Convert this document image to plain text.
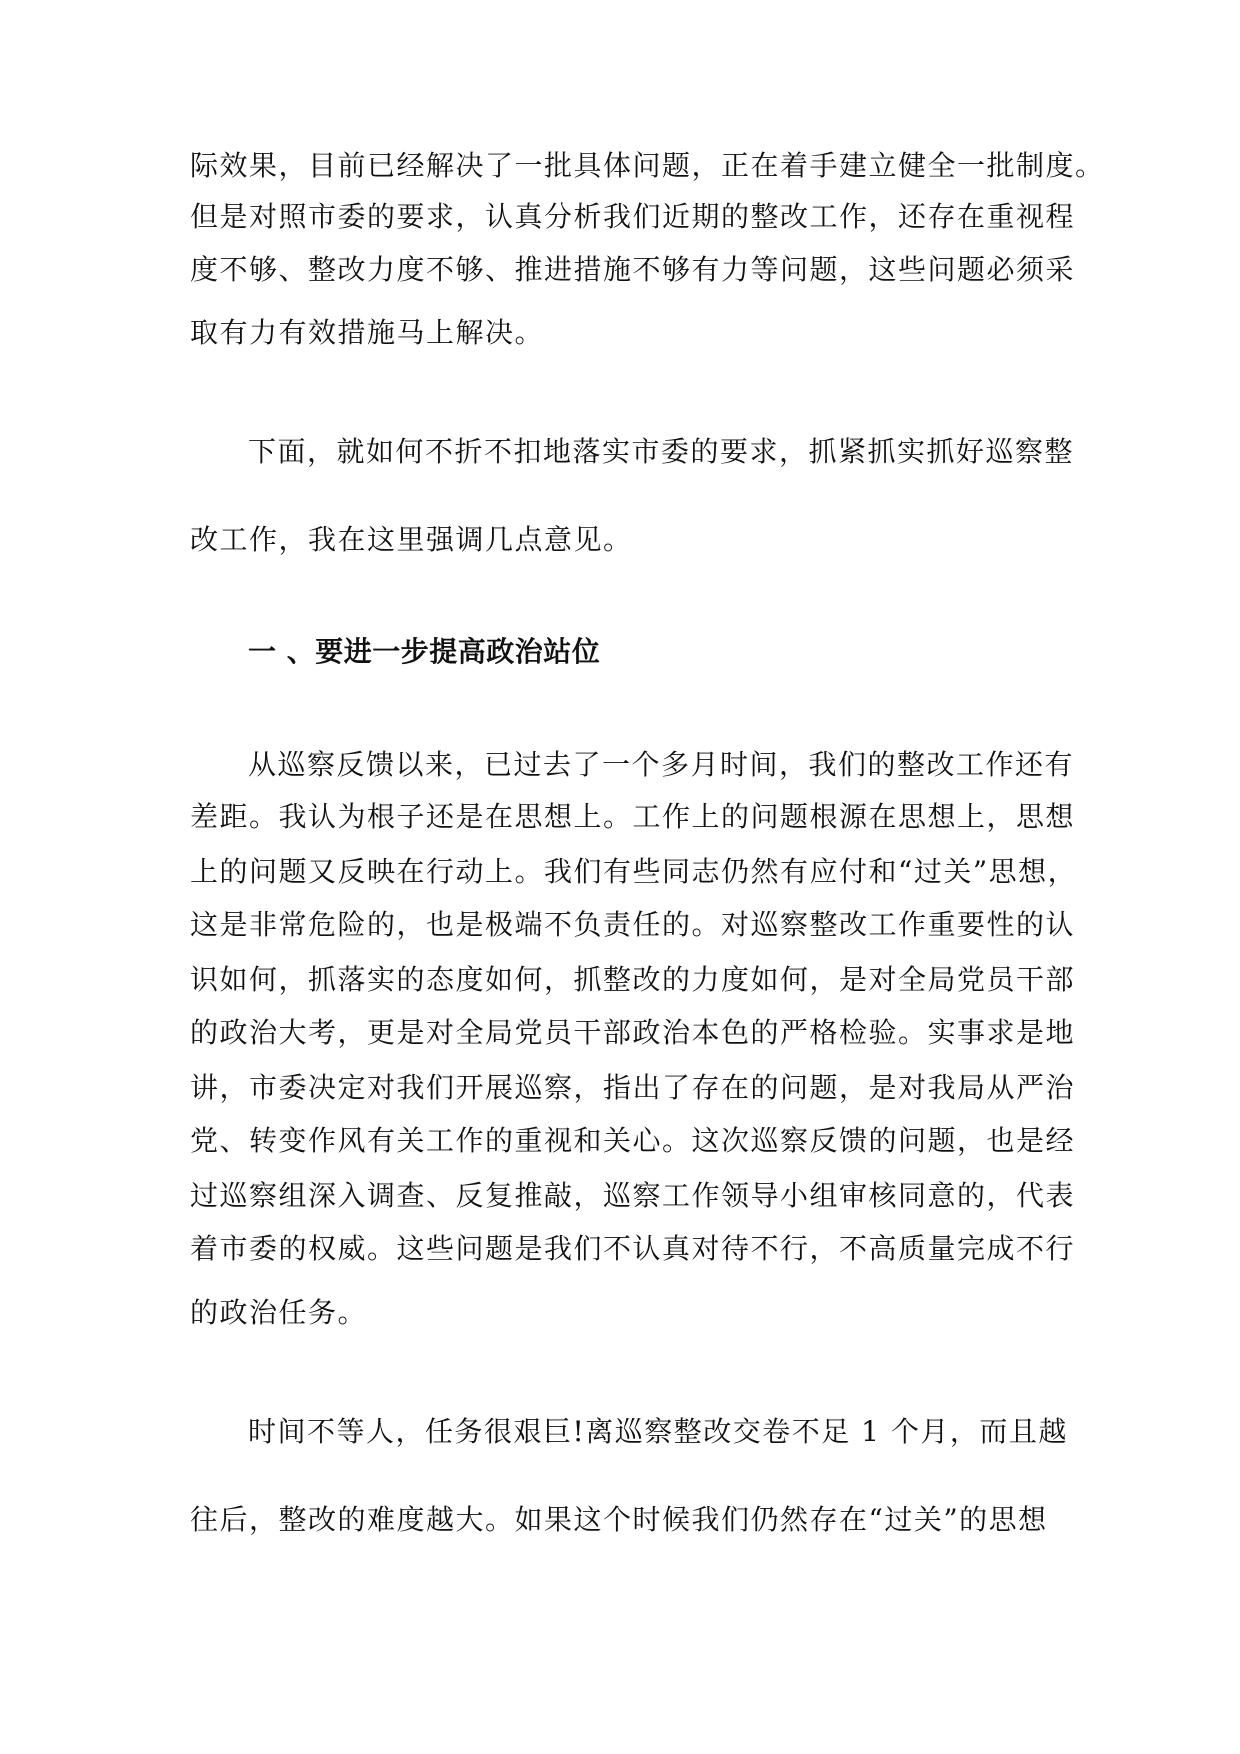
际效果，目前已经解决了一批具体问题，正在着手建立健全一批制度。
但是对照市委的要求，认真分析我们近期的整改工作，还存在重视程
度不够、整改力度不够、推进措施不够有力等问题，这些问题必须采
取有力有效措施马上解决。
下面，就如何不折不扣地落实市委的要求，抓紧抓实抓好巡察整
改工作，我在这里强调几点意见。
一 、要进一步提高政治站位
从巡察反馈以来，已过去了一个多月时间，我们的整改工作还有
差距。我认为根子还是在思想上。工作上的问题根源在思想上，思想
上的问题又反映在行动上。我们有些同志仍然有应付和“过关”思想，
这是非常危险的，也是极端不负责任的。对巡察整改工作重要性的认
识如何，抓落实的态度如何，抓整改的力度如何，是对全局党员干部
的政治大考，更是对全局党员干部政治本色的严格检验。实事求是地
讲，市委决定对我们开展巡察，指出了存在的问题，是对我局从严治
党、转变作风有关工作的重视和关心。这次巡察反馈的问题，也是经
过巡察组深入调查、反复推敲，巡察工作领导小组审核同意的，代表
着市委的权威。这些问题是我们不认真对待不行，不高质量完成不行
的政治任务。
时间不等人，任务很艰巨!离巡察整改交卷不足 1 个月，而且越
往后，整改的难度越大。如果这个时候我们仍然存在“过关”的思想
